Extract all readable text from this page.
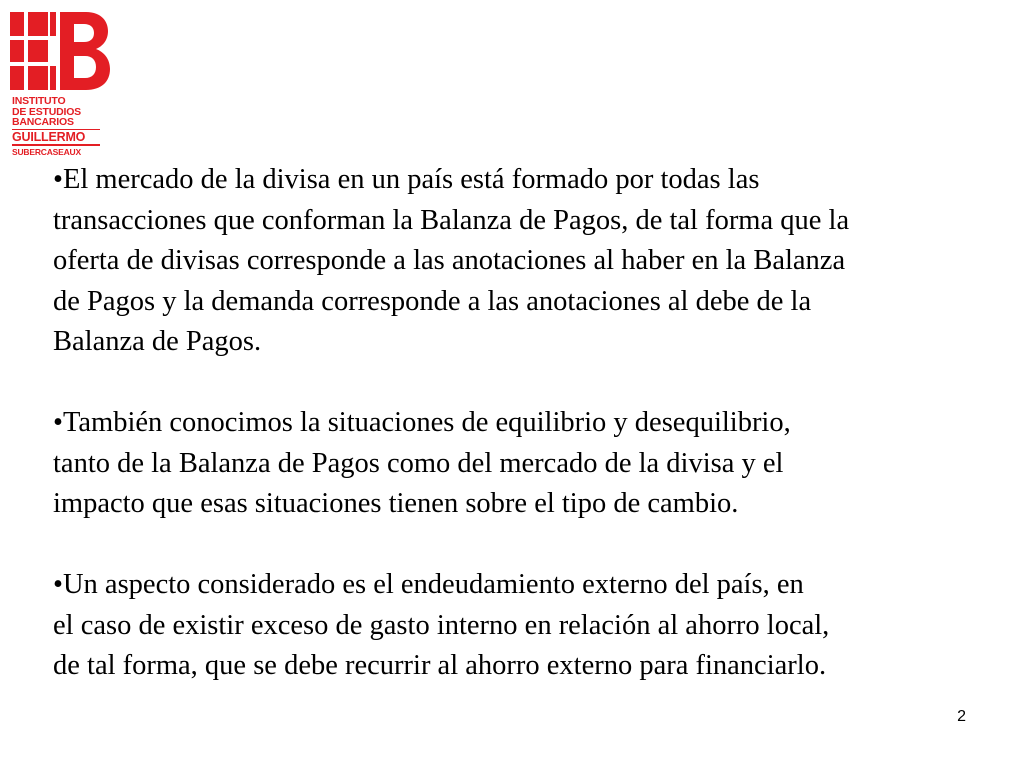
INSTITUTO
DE ESTUDIOS
BANCARIOS
GUILLERMO
SUBERCASEAUX

•El mercado de la divisa en un país está formado por todas las
transacciones que conforman la Balanza de Pagos, de tal forma que la
oferta de divisas corresponde a las anotaciones al haber en la Balanza
de Pagos y la demanda corresponde a las anotaciones al debe de la
Balanza de Pagos.

•También conocimos la situaciones de equilibrio y desequilibrio,
tanto de la Balanza de Pagos como del mercado de la divisa y el
impacto que esas situaciones tienen sobre el tipo de cambio.

•Un aspecto considerado es el endeudamiento externo del país, en
el caso de existir exceso de gasto interno en relación al ahorro local,
de tal forma, que se debe recurrir al ahorro externo para financiarlo.

2
